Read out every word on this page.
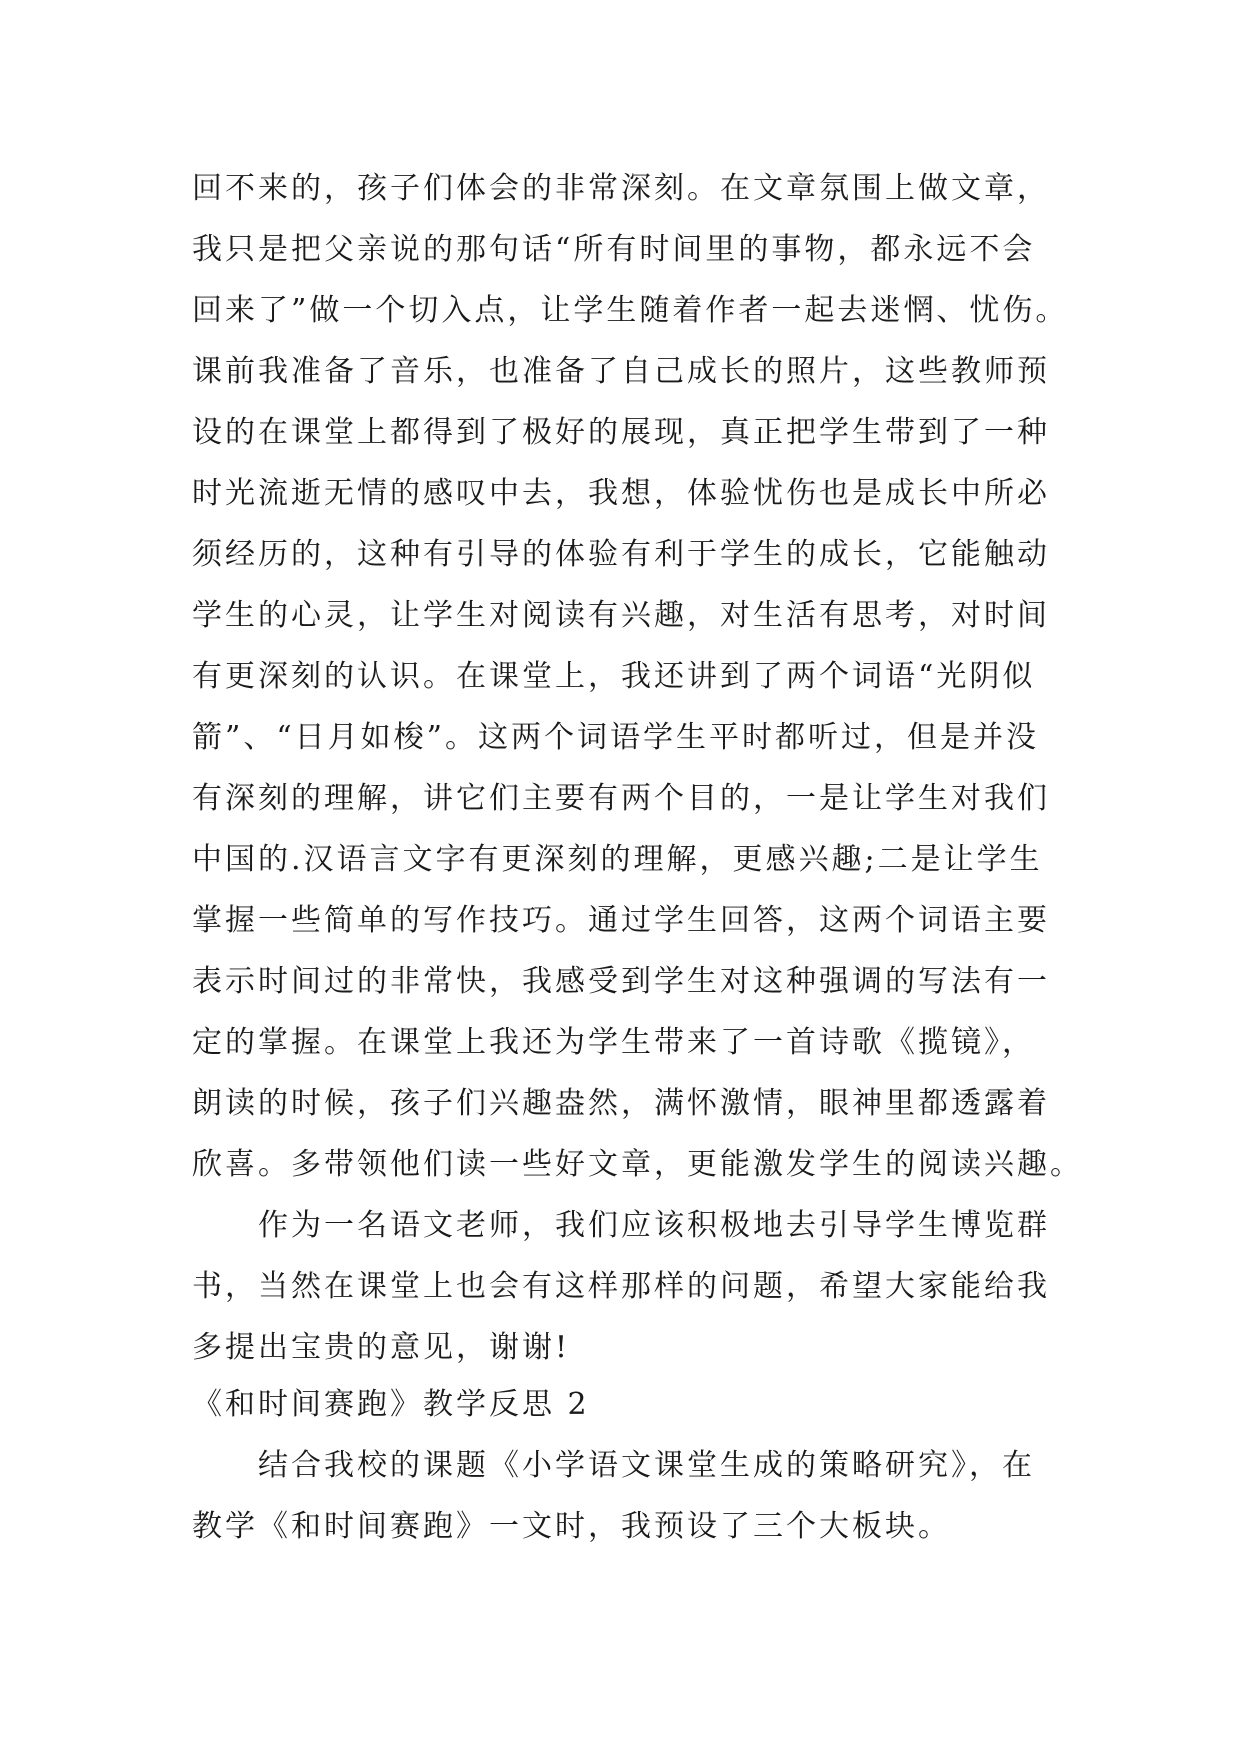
回不来的，孩子们体会的非常深刻。在文章氛围上做文章，
我只是把父亲说的那句话“所有时间里的事物，都永远不会
回来了”做一个切入点，让学生随着作者一起去迷惘、忧伤。
课前我准备了音乐，也准备了自己成长的照片，这些教师预
设的在课堂上都得到了极好的展现，真正把学生带到了一种
时光流逝无情的感叹中去，我想，体验忧伤也是成长中所必
须经历的，这种有引导的体验有利于学生的成长，它能触动
学生的心灵，让学生对阅读有兴趣，对生活有思考，对时间
有更深刻的认识。在课堂上，我还讲到了两个词语“光阴似
箭”、“日月如梭”。这两个词语学生平时都听过，但是并没
有深刻的理解，讲它们主要有两个目的，一是让学生对我们
中国的.汉语言文字有更深刻的理解，更感兴趣;二是让学生
掌握一些简单的写作技巧。通过学生回答，这两个词语主要
表示时间过的非常快，我感受到学生对这种强调的写法有一
定的掌握。在课堂上我还为学生带来了一首诗歌《揽镜》，
朗读的时候，孩子们兴趣盎然，满怀激情，眼神里都透露着
欣喜。多带领他们读一些好文章，更能激发学生的阅读兴趣。
作为一名语文老师，我们应该积极地去引导学生博览群
书，当然在课堂上也会有这样那样的问题，希望大家能给我
多提出宝贵的意见，谢谢!
《和时间赛跑》教学反思 2
结合我校的课题《小学语文课堂生成的策略研究》，在
教学《和时间赛跑》一文时，我预设了三个大板块。
